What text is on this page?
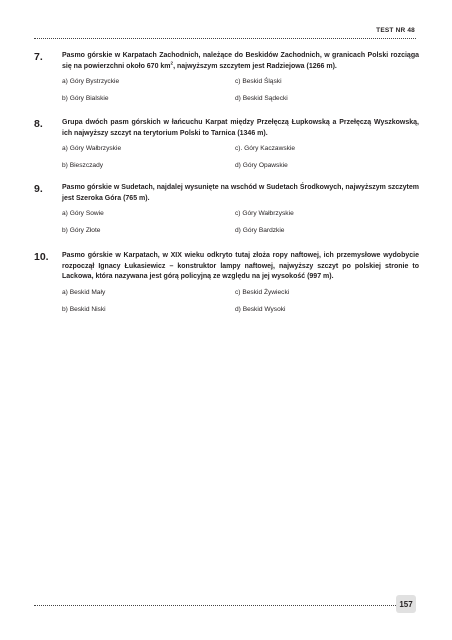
TEST NR 48
7.	Pasmo górskie w Karpatach Zachodnich, należące do Beskidów Zachodnich, w granicach Polski rozciąga się na powierzchni około 670 $km^2$, najwyższym szczytem jest Radziejowa (1266 m).
a) Góry Bystrzyckie	c) Beskid Śląski
b) Góry Bialskie	d) Beskid Sądecki
8.	Grupa dwóch pasm górskich w łańcuchu Karpat między Przełęczą Łupkowską a Przełęczą Wyszkowską, ich najwyższy szczyt na terytorium Polski to Tarnica (1346 m).
a) Góry Wałbrzyskie	c). Góry Kaczawskie
b) Bieszczady	d) Góry Opawskie
9.	Pasmo górskie w Sudetach, najdalej wysunięte na wschód w Sudetach Środkowych, najwyższym szczytem jest Szeroka Góra (765 m).
a) Góry Sowie	c) Góry Wałbrzyskie
b) Góry Złote	d) Góry Bardzkie
10.	Pasmo górskie w Karpatach, w XIX wieku odkryto tutaj złoża ropy naftowej, ich przemysłowe wydobycie rozpoczął Ignacy Łukasiewicz – konstruktor lampy naftowej, najwyższy szczyt po polskiej stronie to Lackowa, która nazywana jest górą policyjną ze względu na jej wysokość (997 m).
a) Beskid Mały	c) Beskid Żywiecki
b) Beskid Niski	d) Beskid Wysoki
157
